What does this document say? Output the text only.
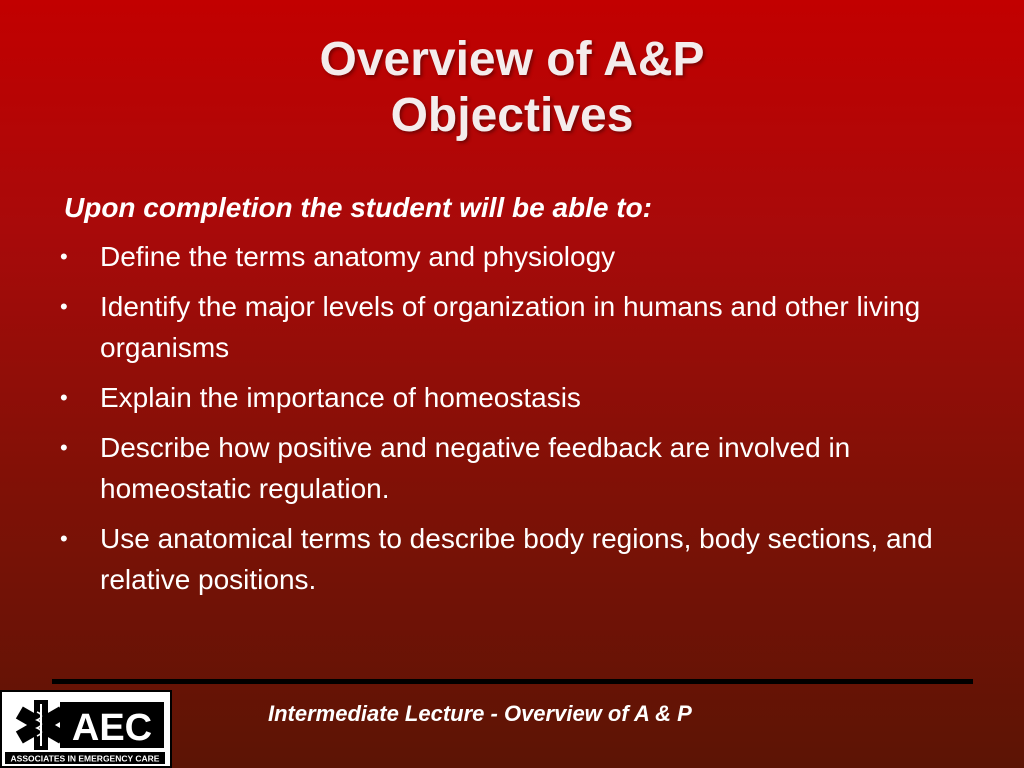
Overview of A&P
Objectives
Upon completion the student will be able to:
• Define the terms anatomy and physiology
• Identify the major levels of organization in humans and other living organisms
• Explain the importance of homeostasis
• Describe how positive and negative feedback are involved in homeostatic regulation.
• Use anatomical terms to describe body regions, body sections, and relative positions.
AEC
ASSOCIATES IN EMERGENCY CARE
Intermediate Lecture - Overview of A & P
